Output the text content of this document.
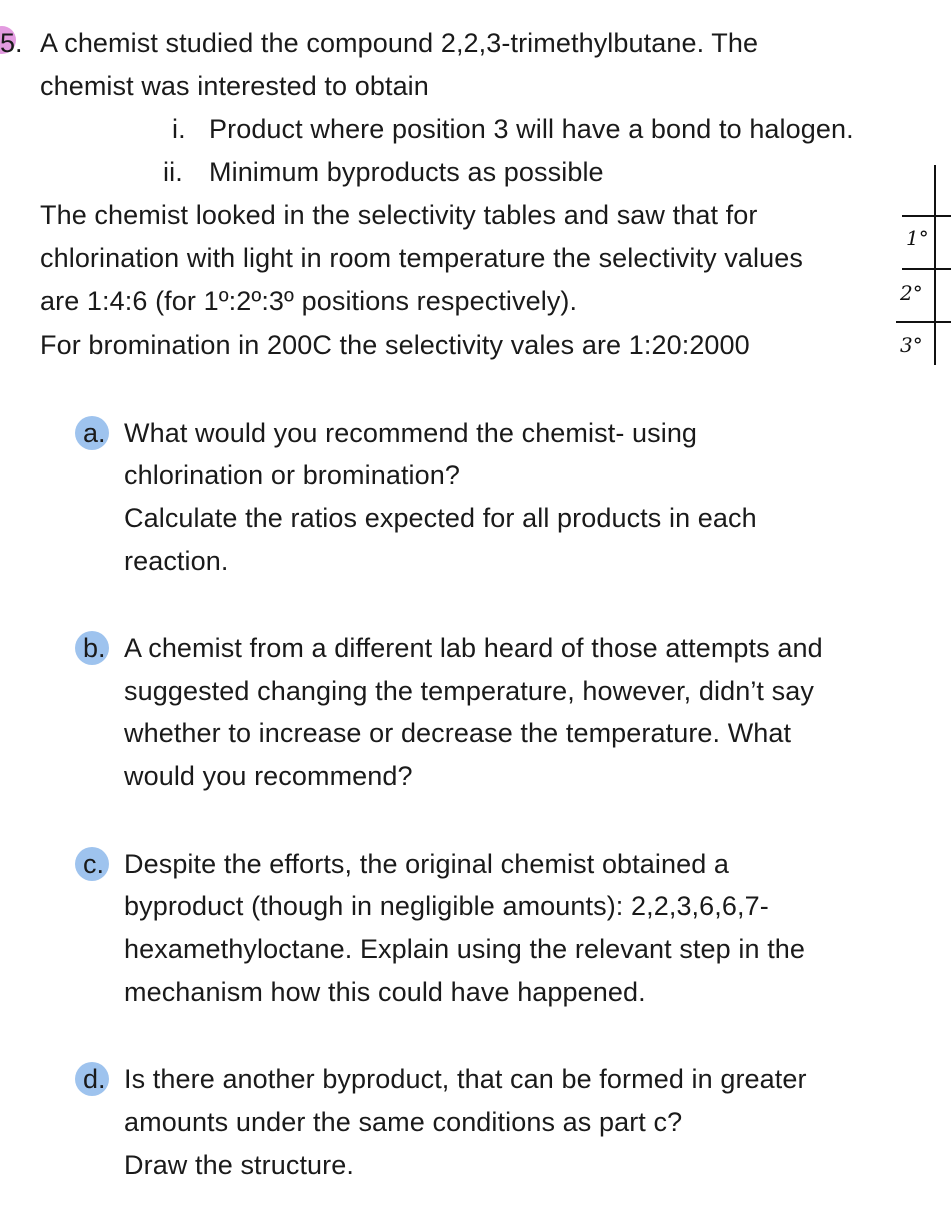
5. A chemist studied the compound 2,2,3-trimethylbutane. The
chemist was interested to obtain
i. Product where position 3 will have a bond to halogen.
ii. Minimum byproducts as possible
The chemist looked in the selectivity tables and saw that for
chlorination with light in room temperature the selectivity values
are 1:4:6 (for 1º:2º:3º positions respectively).
For bromination in 200C the selectivity vales are 1:20:2000
1°
2°
3°
a. What would you recommend the chemist- using
chlorination or bromination?
Calculate the ratios expected for all products in each
reaction.
b. A chemist from a different lab heard of those attempts and
suggested changing the temperature, however, didn’t say
whether to increase or decrease the temperature. What
would you recommend?
c. Despite the efforts, the original chemist obtained a
byproduct (though in negligible amounts): 2,2,3,6,6,7-
hexamethyloctane. Explain using the relevant step in the
mechanism how this could have happened.
d. Is there another byproduct, that can be formed in greater
amounts under the same conditions as part c?
Draw the structure.
